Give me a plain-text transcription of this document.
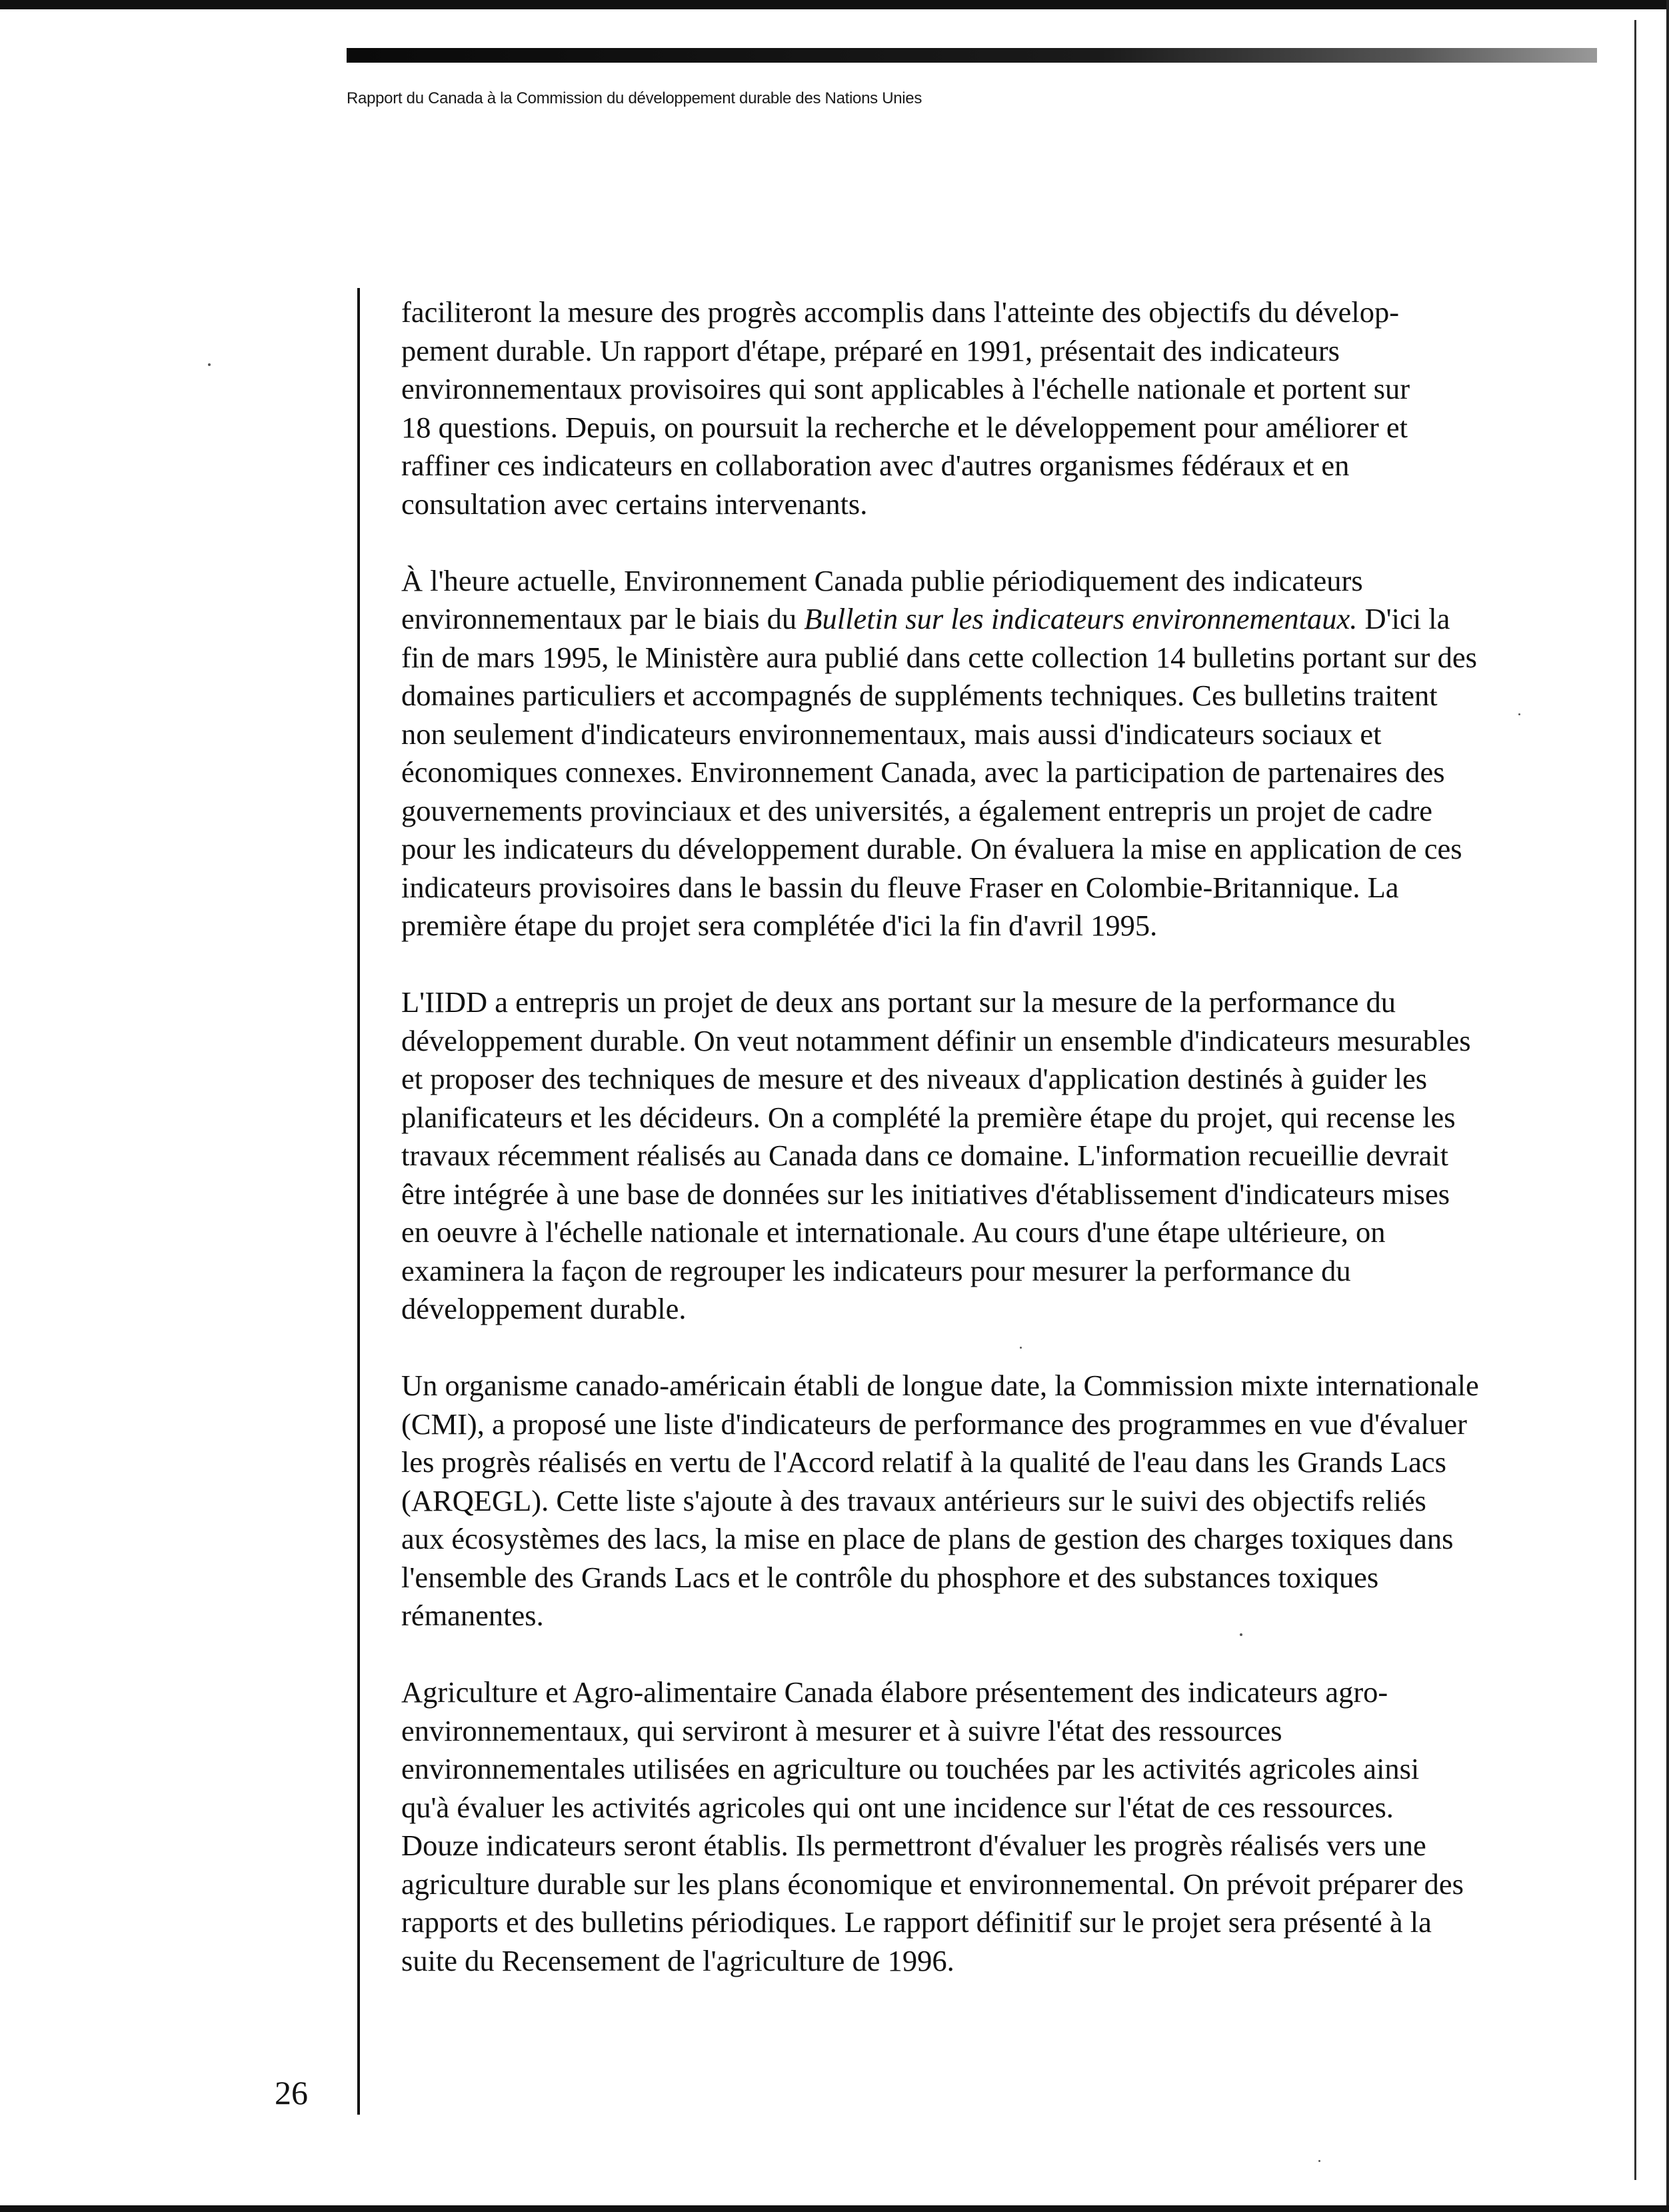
Rapport du Canada à la Commission du développement durable des Nations Unies

faciliteront la mesure des progrès accomplis dans l'atteinte des objectifs du dévelop-
pement durable. Un rapport d'étape, préparé en 1991, présentait des indicateurs
environnementaux provisoires qui sont applicables à l'échelle nationale et portent sur
18 questions. Depuis, on poursuit la recherche et le développement pour améliorer et
raffiner ces indicateurs en collaboration avec d'autres organismes fédéraux et en
consultation avec certains intervenants.

À l'heure actuelle, Environnement Canada publie périodiquement des indicateurs
environnementaux par le biais du Bulletin sur les indicateurs environnementaux. D'ici la
fin de mars 1995, le Ministère aura publié dans cette collection 14 bulletins portant sur des
domaines particuliers et accompagnés de suppléments techniques. Ces bulletins traitent
non seulement d'indicateurs environnementaux, mais aussi d'indicateurs sociaux et
économiques connexes. Environnement Canada, avec la participation de partenaires des
gouvernements provinciaux et des universités, a également entrepris un projet de cadre
pour les indicateurs du développement durable. On évaluera la mise en application de ces
indicateurs provisoires dans le bassin du fleuve Fraser en Colombie-Britannique. La
première étape du projet sera complétée d'ici la fin d'avril 1995.

L'IIDD a entrepris un projet de deux ans portant sur la mesure de la performance du
développement durable. On veut notamment définir un ensemble d'indicateurs mesurables
et proposer des techniques de mesure et des niveaux d'application destinés à guider les
planificateurs et les décideurs. On a complété la première étape du projet, qui recense les
travaux récemment réalisés au Canada dans ce domaine. L'information recueillie devrait
être intégrée à une base de données sur les initiatives d'établissement d'indicateurs mises
en oeuvre à l'échelle nationale et internationale. Au cours d'une étape ultérieure, on
examinera la façon de regrouper les indicateurs pour mesurer la performance du
développement durable.

Un organisme canado-américain établi de longue date, la Commission mixte internationale
(CMI), a proposé une liste d'indicateurs de performance des programmes en vue d'évaluer
les progrès réalisés en vertu de l'Accord relatif à la qualité de l'eau dans les Grands Lacs
(ARQEGL). Cette liste s'ajoute à des travaux antérieurs sur le suivi des objectifs reliés
aux écosystèmes des lacs, la mise en place de plans de gestion des charges toxiques dans
l'ensemble des Grands Lacs et le contrôle du phosphore et des substances toxiques
rémanentes.

Agriculture et Agro-alimentaire Canada élabore présentement des indicateurs agro-
environnementaux, qui serviront à mesurer et à suivre l'état des ressources
environnementales utilisées en agriculture ou touchées par les activités agricoles ainsi
qu'à évaluer les activités agricoles qui ont une incidence sur l'état de ces ressources.
Douze indicateurs seront établis. Ils permettront d'évaluer les progrès réalisés vers une
agriculture durable sur les plans économique et environnemental. On prévoit préparer des
rapports et des bulletins périodiques. Le rapport définitif sur le projet sera présenté à la
suite du Recensement de l'agriculture de 1996.

26
